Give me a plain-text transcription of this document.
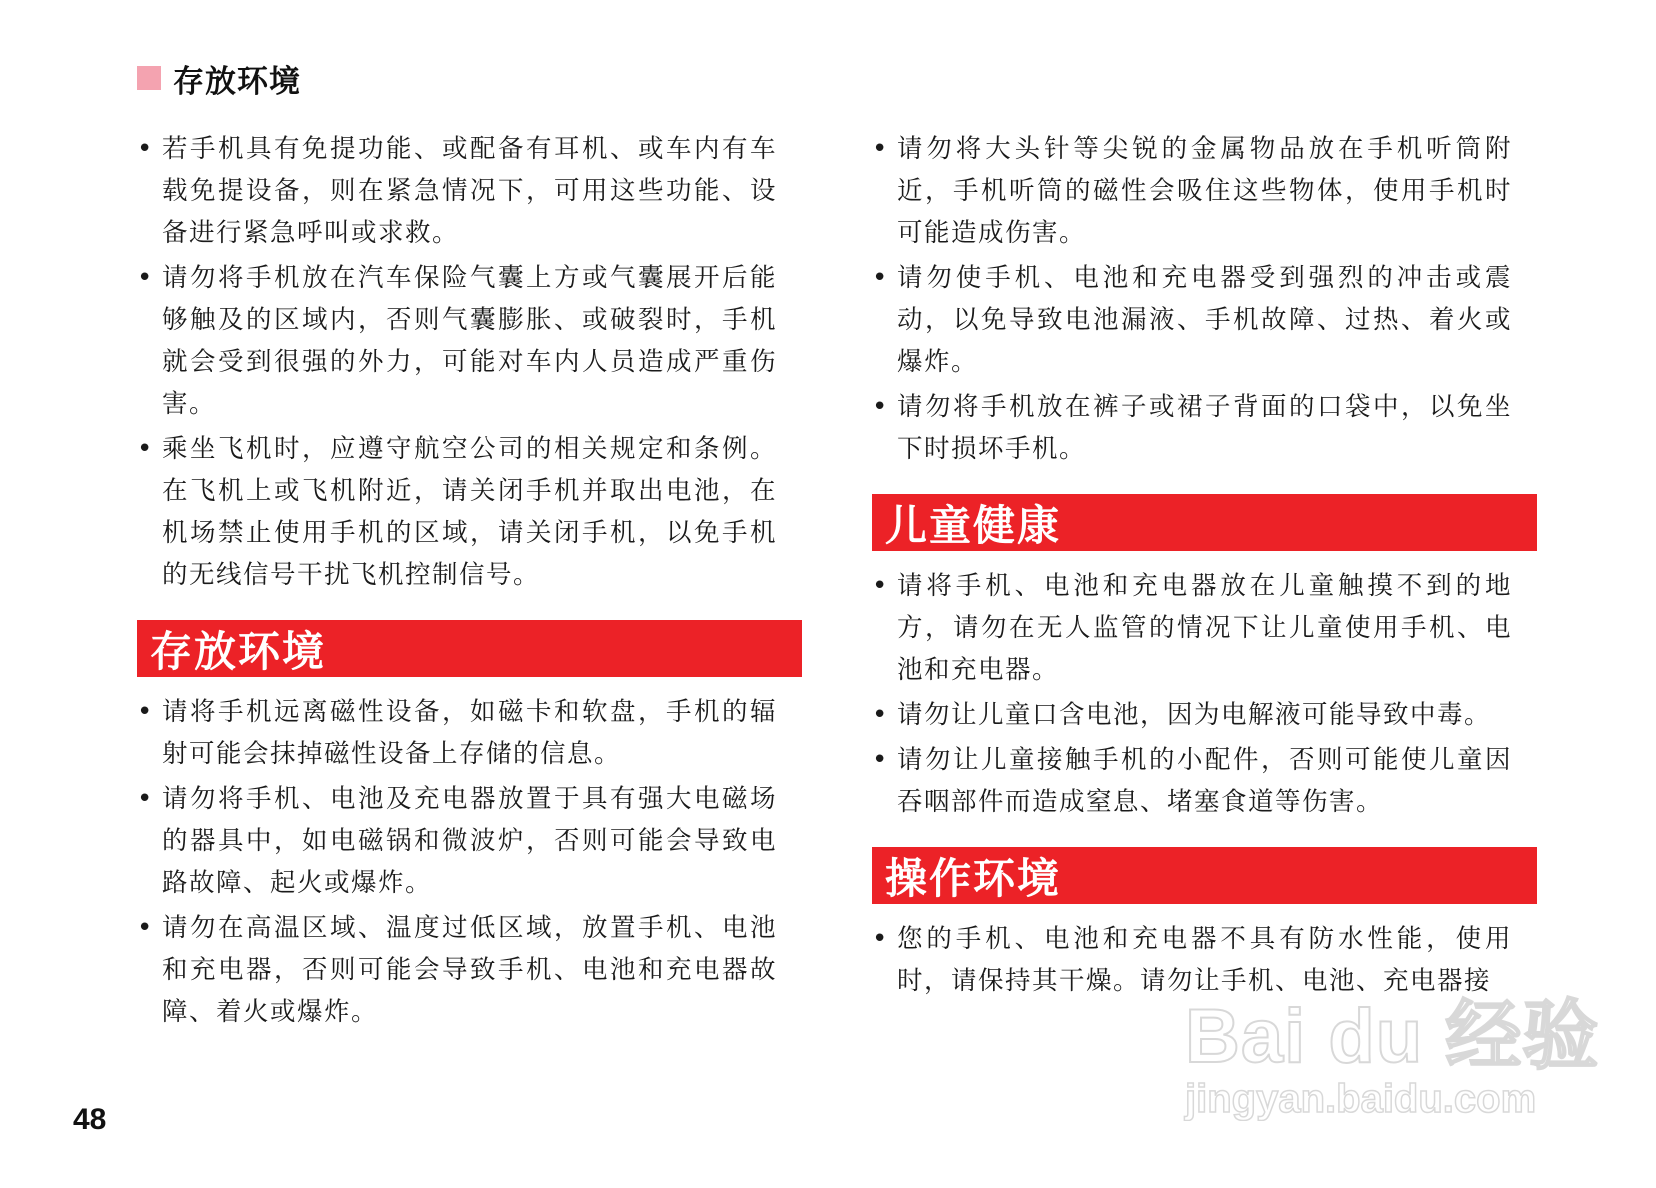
存放环境
• 若手机具有免提功能、或配备有耳机、或车内有车载免提设备，则在紧急情况下，可用这些功能、设备进行紧急呼叫或求救。
• 请勿将手机放在汽车保险气囊上方或气囊展开后能够触及的区域内，否则气囊膨胀、或破裂时，手机就会受到很强的外力，可能对车内人员造成严重伤害。
• 乘坐飞机时，应遵守航空公司的相关规定和条例。在飞机上或飞机附近，请关闭手机并取出电池，在机场禁止使用手机的区域，请关闭手机，以免手机的无线信号干扰飞机控制信号。
存放环境
• 请将手机远离磁性设备，如磁卡和软盘，手机的辐射可能会抹掉磁性设备上存储的信息。
• 请勿将手机、电池及充电器放置于具有强大电磁场的器具中，如电磁锅和微波炉，否则可能会导致电路故障、起火或爆炸。
• 请勿在高温区域、温度过低区域，放置手机、电池和充电器，否则可能会导致手机、电池和充电器故障、着火或爆炸。
• 请勿将大头针等尖锐的金属物品放在手机听筒附近，手机听筒的磁性会吸住这些物体，使用手机时可能造成伤害。
• 请勿使手机、电池和充电器受到强烈的冲击或震动，以免导致电池漏液、手机故障、过热、着火或爆炸。
• 请勿将手机放在裤子或裙子背面的口袋中，以免坐下时损坏手机。
儿童健康
• 请将手机、电池和充电器放在儿童触摸不到的地方，请勿在无人监管的情况下让儿童使用手机、电池和充电器。
• 请勿让儿童口含电池，因为电解液可能导致中毒。
• 请勿让儿童接触手机的小配件，否则可能使儿童因吞咽部件而造成窒息、堵塞食道等伤害。
操作环境
• 您的手机、电池和充电器不具有防水性能，使用时，请保持其干燥。请勿让手机、电池、充电器接
48
Bai du 经验
jingyan.baidu.com
